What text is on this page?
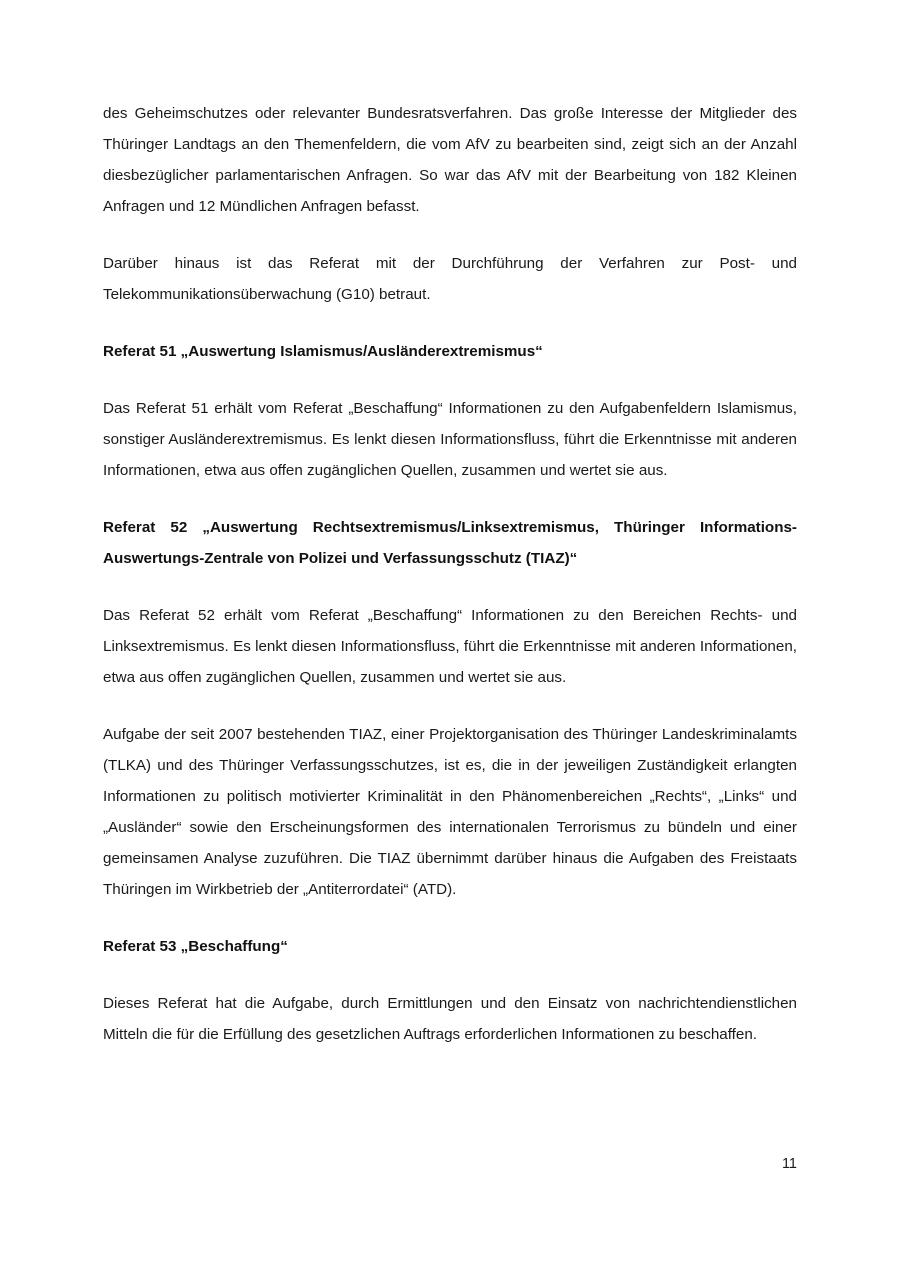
des Geheimschutzes oder relevanter Bundesratsverfahren. Das große Interesse der Mitglieder des Thüringer Landtags an den Themenfeldern, die vom AfV zu bearbeiten sind, zeigt sich an der Anzahl diesbezüglicher parlamentarischen Anfragen. So war das AfV mit der Bearbeitung von 182 Kleinen Anfragen und 12 Mündlichen Anfragen befasst.

Darüber hinaus ist das Referat mit der Durchführung der Verfahren zur Post- und Telekommunikationsüberwachung (G10) betraut.

Referat 51 „Auswertung Islamismus/Ausländerextremismus“

Das Referat 51 erhält vom Referat „Beschaffung“ Informationen zu den Aufgabenfeldern Islamismus, sonstiger Ausländerextremismus. Es lenkt diesen Informationsfluss, führt die Erkenntnisse mit anderen Informationen, etwa aus offen zugänglichen Quellen, zusammen und wertet sie aus.

Referat 52 „Auswertung Rechtsextremismus/Linksextremismus, Thüringer Informations-Auswertungs-Zentrale von Polizei und Verfassungsschutz (TIAZ)“

Das Referat 52 erhält vom Referat „Beschaffung“ Informationen zu den Bereichen Rechts- und Linksextremismus. Es lenkt diesen Informationsfluss, führt die Erkenntnisse mit anderen Informationen, etwa aus offen zugänglichen Quellen, zusammen und wertet sie aus.

Aufgabe der seit 2007 bestehenden TIAZ, einer Projektorganisation des Thüringer Landeskriminalamts (TLKA) und des Thüringer Verfassungsschutzes, ist es, die in der jeweiligen Zuständigkeit erlangten Informationen zu politisch motivierter Kriminalität in den Phänomenbereichen „Rechts“, „Links“ und „Ausländer“ sowie den Erscheinungsformen des internationalen Terrorismus zu bündeln und einer gemeinsamen Analyse zuzuführen. Die TIAZ übernimmt darüber hinaus die Aufgaben des Freistaats Thüringen im Wirkbetrieb der „Antiterrordatei“ (ATD).

Referat 53 „Beschaffung“

Dieses Referat hat die Aufgabe, durch Ermittlungen und den Einsatz von nachrichtendienstlichen Mitteln die für die Erfüllung des gesetzlichen Auftrags erforderlichen Informationen zu beschaffen.

11
